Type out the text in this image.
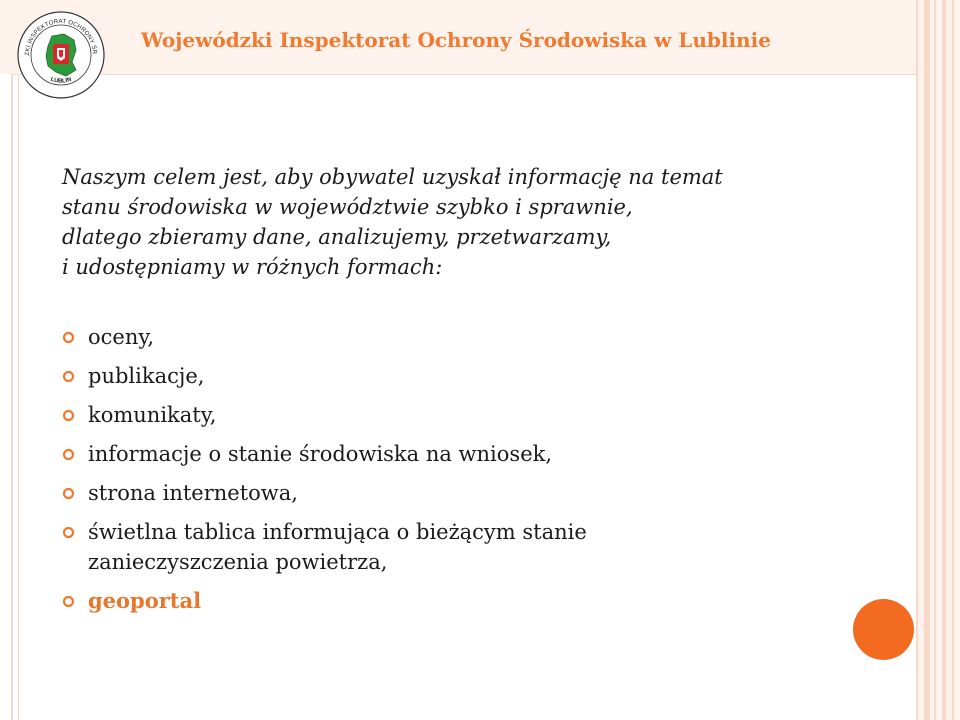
ZKI INSPEKTORAT OCHRONY ŚR
LUBLIN
Wojewódzki Inspektorat Ochrony Środowiska w Lublinie

Naszym celem jest, aby obywatel uzyskał informację na temat

stanu środowiska w województwie szybko i sprawnie,

dlatego zbieramy dane, analizujemy, przetwarzamy,

i udostępniamy w różnych formach:

oceny,
publikacje,
komunikaty,
informacje o stanie środowiska na wniosek,
strona internetowa,
świetlna tablica informująca o bieżącym stanie
zanieczyszczenia powietrza,
geoportal
